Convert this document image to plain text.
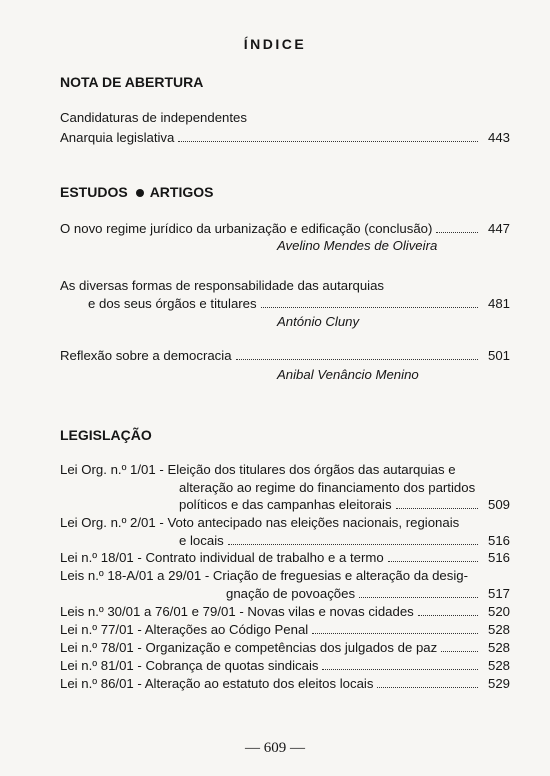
ÍNDICE
NOTA DE ABERTURA
Candidaturas de independentes
Anarquia legislativa	443
ESTUDOS ARTIGOS
O novo regime jurídico da urbanização e edificação (conclusão)	447
Avelino Mendes de Oliveira
As diversas formas de responsabilidade das autarquias
e dos seus órgãos e titulares	481
António Cluny
Reflexão sobre a democracia	501
Anibal Venâncio Menino
LEGISLAÇÃO
Lei Org. n.º 1/01 - Eleição dos titulares dos órgãos das autarquias e
alteração ao regime do financiamento dos partidos
políticos e das campanhas eleitorais	509
Lei Org. n.º 2/01 - Voto antecipado nas eleições nacionais, regionais
e locais	516
Lei n.º 18/01 - Contrato individual de trabalho e a termo	516
Leis n.º 18-A/01 a 29/01 - Criação de freguesias e alteração da desig-
gnação de povoações	517
Leis n.º 30/01 a 76/01 e 79/01 - Novas vilas e novas cidades	520
Lei n.º 77/01 - Alterações ao Código Penal	528
Lei n.º 78/01 - Organização e competências dos julgados de paz	528
Lei n.º 81/01 - Cobrança de quotas sindicais	528
Lei n.º 86/01 - Alteração ao estatuto dos eleitos locais	529
— 609 —
